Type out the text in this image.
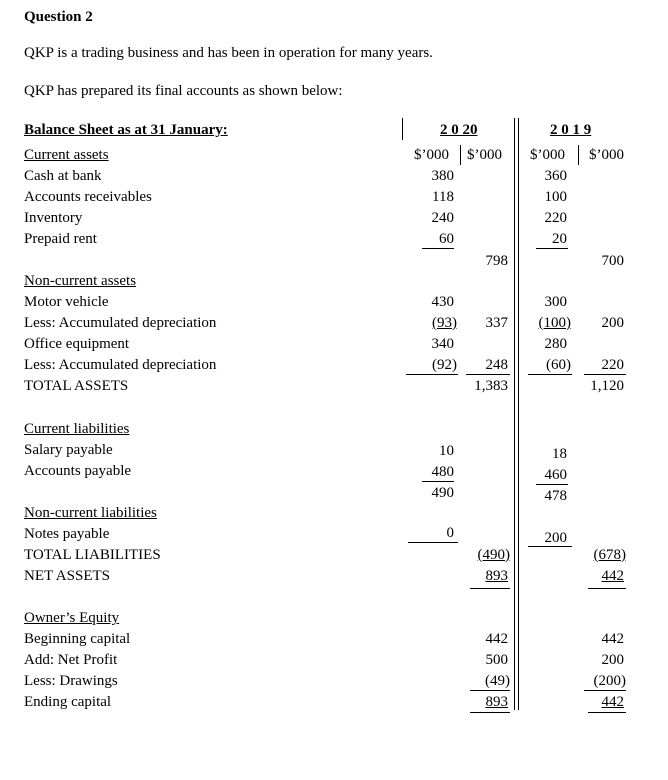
Question 2
QKP is a trading business and has been in operation for many years.
QKP has prepared its final accounts as shown below:
Balance Sheet as at 31 January:	2 0 20	2 0 1 9
$’000 $’000 $’000 $’000
Current assets
Cash at bank	380	360
Accounts receivables	118	100
Inventory	240	220
Prepaid rent	60	20
798	700
Non-current assets
Motor vehicle	430	300
Less: Accumulated depreciation	(93) 337 (100) 200
Office equipment	340	280
Less: Accumulated depreciation	(92) 248	(60) 220
TOTAL ASSETS	1,383	1,120
Current liabilities
Salary payable	10	18
Accounts payable	480	460
490	478
Non-current liabilities
Notes payable	0	200
TOTAL LIABILITIES	(490)	(678)
NET ASSETS	893	442
Owner’s Equity
Beginning capital	442	442
Add: Net Profit	500	200
Less: Drawings	(49)	(200)
Ending capital	893	442
